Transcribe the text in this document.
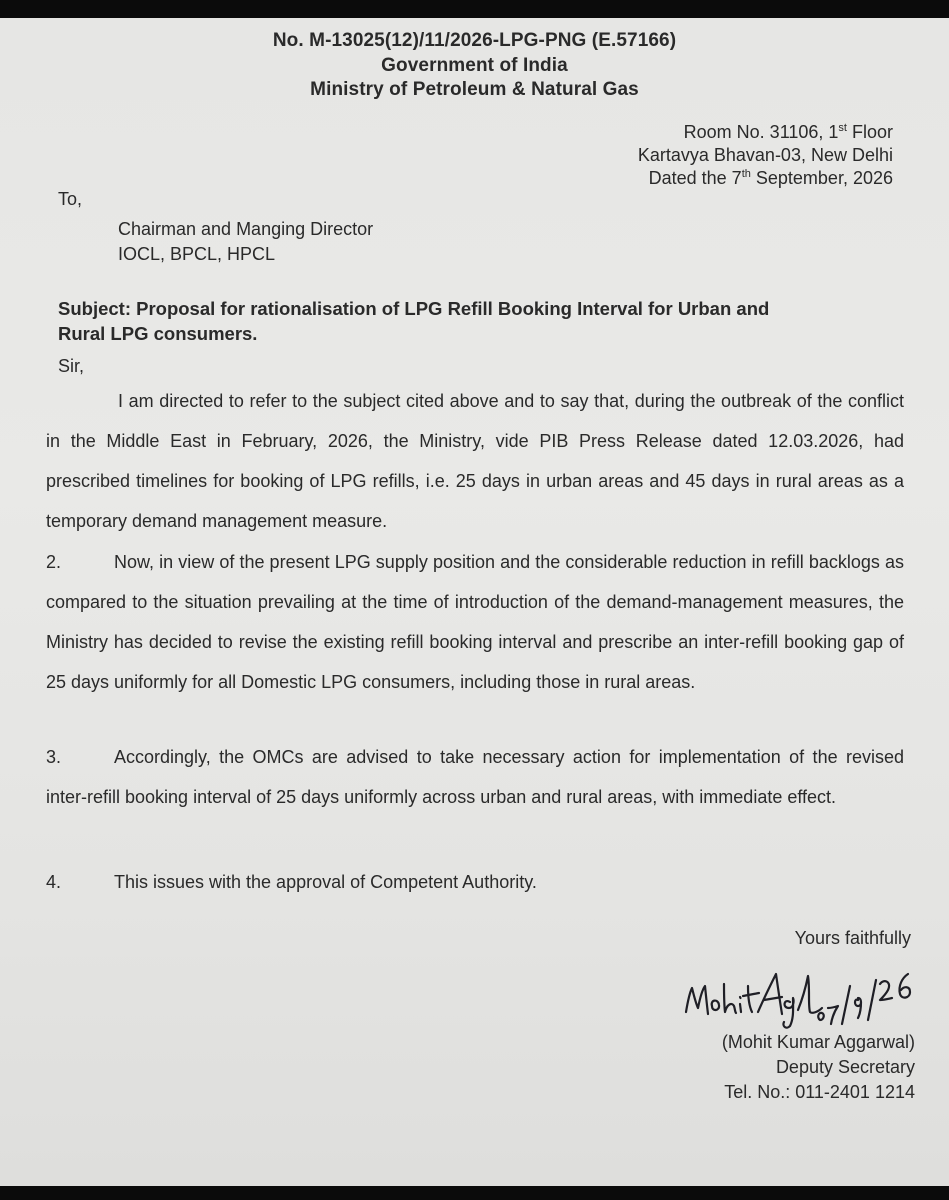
No. M-13025(12)/11/2026-LPG-PNG (E.57166)
Government of India
Ministry of Petroleum & Natural Gas
Room No. 31106, 1st Floor
Kartavya Bhavan-03, New Delhi
Dated the 7th September, 2026
To,
Chairman and Manging Director
IOCL, BPCL, HPCL
Subject: Proposal for rationalisation of LPG Refill Booking Interval for Urban and
Rural LPG consumers.
Sir,
I am directed to refer to the subject cited above and to say that, during the outbreak of the conflict in the Middle East in February, 2026, the Ministry, vide PIB Press Release dated 12.03.2026, had prescribed timelines for booking of LPG refills, i.e. 25 days in urban areas and 45 days in rural areas as a temporary demand management measure.
2.	Now, in view of the present LPG supply position and the considerable reduction in refill backlogs as compared to the situation prevailing at the time of introduction of the demand-management measures, the Ministry has decided to revise the existing refill booking interval and prescribe an inter-refill booking gap of 25 days uniformly for all Domestic LPG consumers, including those in rural areas.
3.	Accordingly, the OMCs are advised to take necessary action for implementation of the revised inter-refill booking interval of 25 days uniformly across urban and rural areas, with immediate effect.
4.	This issues with the approval of Competent Authority.
Yours faithfully
(Mohit Kumar Aggarwal)
Deputy Secretary
Tel. No.: 011-2401 1214
